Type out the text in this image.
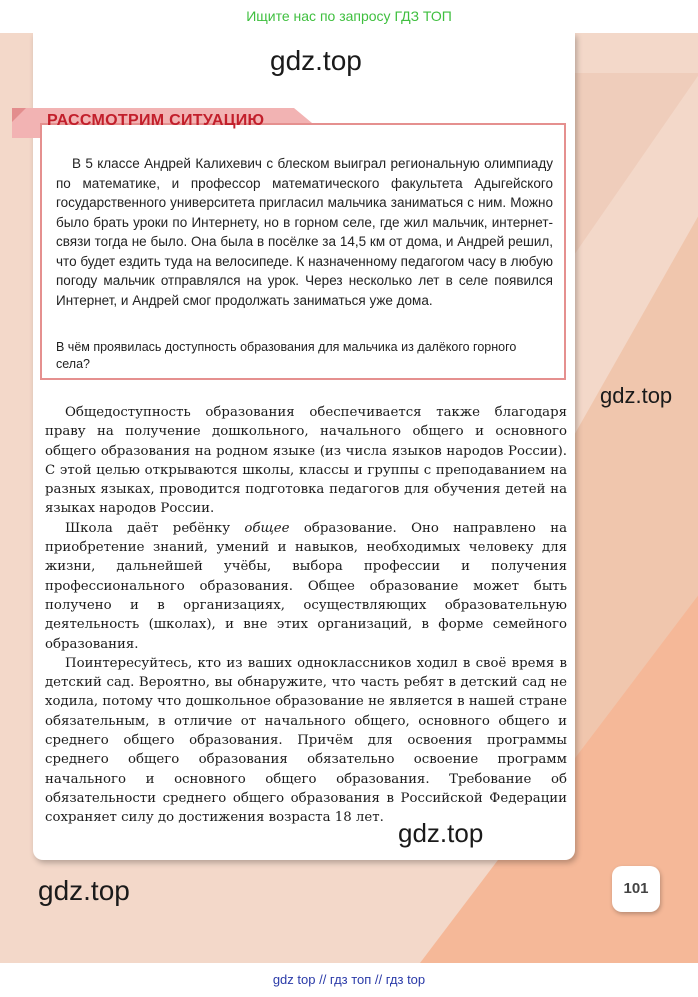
Ищите нас по запросу ГДЗ ТОП
gdz.top
РАССМОТРИМ СИТУАЦИЮ

В 5 классе Андрей Калихевич с блеском выиграл региональную олимпиаду по математике, и профессор математического факультета Адыгейского государственного университета пригласил мальчика заниматься с ним. Можно было брать уроки по Интернету, но в горном селе, где жил мальчик, интернет-связи тогда не было. Она была в посёлке за 14,5 км от дома, и Андрей решил, что будет ездить туда на велосипеде. К назначенному педагогом часу в любую погоду мальчик отправлялся на урок. Через несколько лет в селе появился Интернет, и Андрей смог продолжать заниматься уже дома.

В чём проявилась доступность образования для мальчика из далёкого горного села?

gdz.top

Общедоступность образования обеспечивается также благодаря праву на получение дошкольного, начального общего и основного общего образования на родном языке (из числа языков народов России). С этой целью открываются школы, классы и группы с преподаванием на разных языках, проводится подготовка педагогов для обучения детей на языках народов России.

Школа даёт ребёнку общее образование. Оно направлено на приобретение знаний, умений и навыков, необходимых человеку для жизни, дальнейшей учёбы, выбора профессии и получения профессионального образования. Общее образование может быть получено и в организациях, осуществляющих образовательную деятельность (школах), и вне этих организаций, в форме семейного образования.

Поинтересуйтесь, кто из ваших одноклассников ходил в своё время в детский сад. Вероятно, вы обнаружите, что часть ребят в детский сад не ходила, потому что дошкольное образование не является в нашей стране обязательным, в отличие от начального общего, основного общего и среднего общего образования. Причём для освоения программы среднего общего образования обязательно освоение программ начального и основного общего образования. Требование об обязательности среднего общего образования в Российской Федерации сохраняет силу до достижения возраста 18 лет.

gdz.top
gdz.top	101
gdz top // гдз топ // гдз top
